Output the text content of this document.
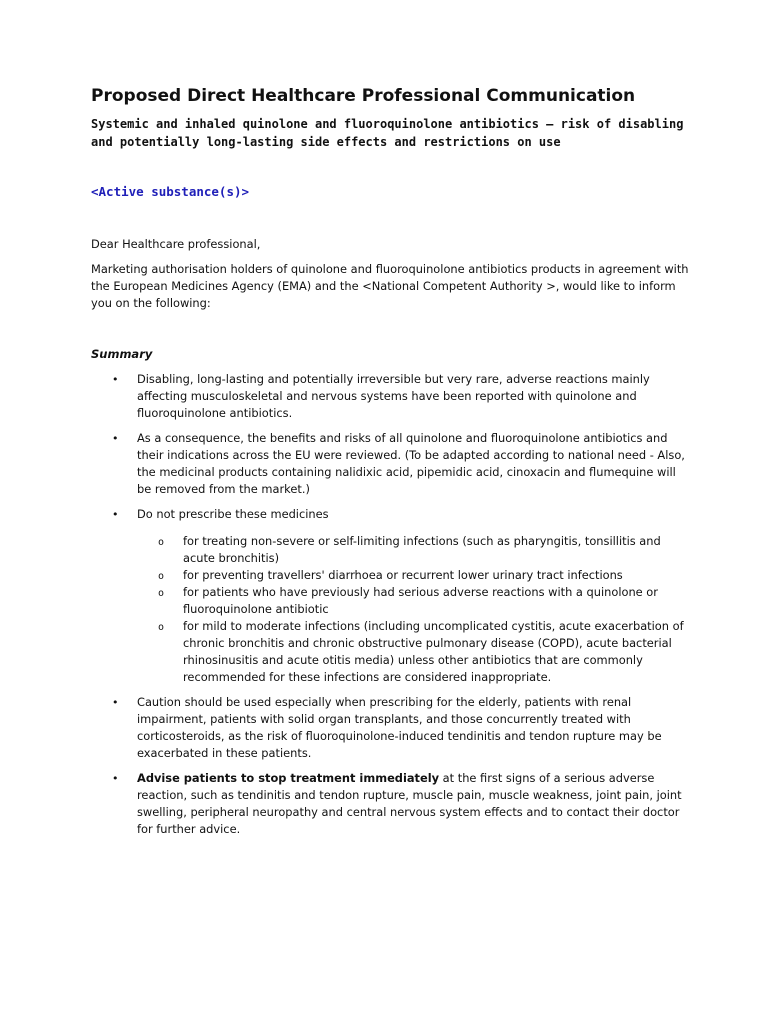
Proposed Direct Healthcare Professional Communication
Systemic and inhaled quinolone and fluoroquinolone antibiotics – risk of disabling and potentially long-lasting side effects and restrictions on use
<Active substance(s)>
Dear Healthcare professional,
Marketing authorisation holders of quinolone and fluoroquinolone antibiotics products in agreement with the European Medicines Agency (EMA) and the <National Competent Authority >, would like to inform you on the following:
Summary
• Disabling, long-lasting and potentially irreversible but very rare, adverse reactions mainly affecting musculoskeletal and nervous systems have been reported with quinolone and fluoroquinolone antibiotics.
• As a consequence, the benefits and risks of all quinolone and fluoroquinolone antibiotics and their indications across the EU were reviewed. (To be adapted according to national need - Also, the medicinal products containing nalidixic acid, pipemidic acid, cinoxacin and flumequine will be removed from the market.)
• Do not prescribe these medicines
o for treating non-severe or self-limiting infections (such as pharyngitis, tonsillitis and acute bronchitis)
o for preventing travellers' diarrhoea or recurrent lower urinary tract infections
o for patients who have previously had serious adverse reactions with a quinolone or fluoroquinolone antibiotic
o for mild to moderate infections (including uncomplicated cystitis, acute exacerbation of chronic bronchitis and chronic obstructive pulmonary disease (COPD), acute bacterial rhinosinusitis and acute otitis media) unless other antibiotics that are commonly recommended for these infections are considered inappropriate.
• Caution should be used especially when prescribing for the elderly, patients with renal impairment, patients with solid organ transplants, and those concurrently treated with corticosteroids, as the risk of fluoroquinolone-induced tendinitis and tendon rupture may be exacerbated in these patients.
• Advise patients to stop treatment immediately at the first signs of a serious adverse reaction, such as tendinitis and tendon rupture, muscle pain, muscle weakness, joint pain, joint swelling, peripheral neuropathy and central nervous system effects and to contact their doctor for further advice.
